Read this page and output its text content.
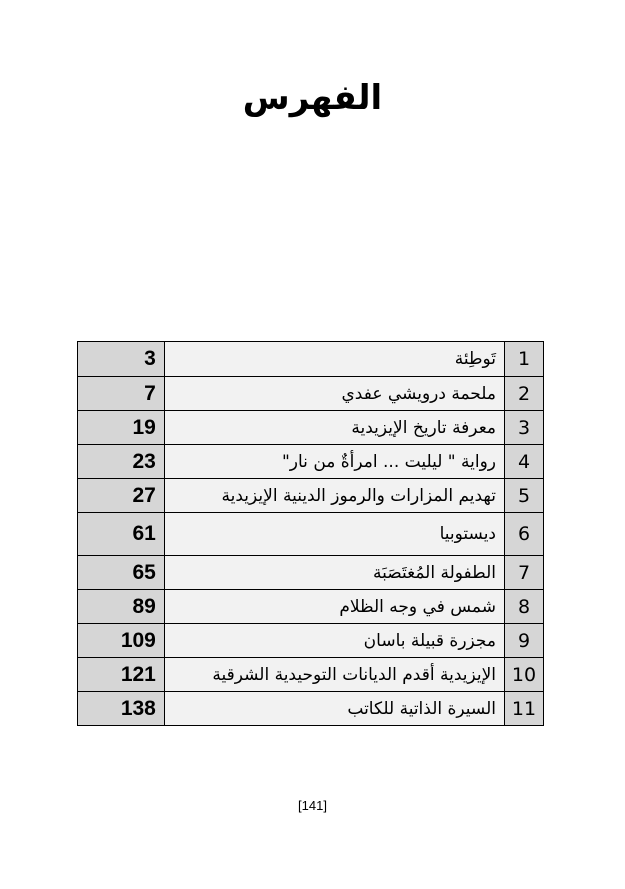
الفهرس
1	تَوطِئة	3
2	ملحمة درويشي عفدي	7
3	معرفة تاريخ الإيزيدية	19
4	رواية " ليليت ... امرأةٌ من نار"	23
5	تهديم المزارات والرموز الدينية الإيزيدية	27
6	ديستوبيا	61
7	الطفولة المُغتَصَبَة	65
8	شمس في وجه الظلام	89
9	مجزرة قبيلة باسان	109
10	الإيزيدية أقدم الديانات التوحيدية الشرقية	121
11	السيرة الذاتية للكاتب	138
[141]
